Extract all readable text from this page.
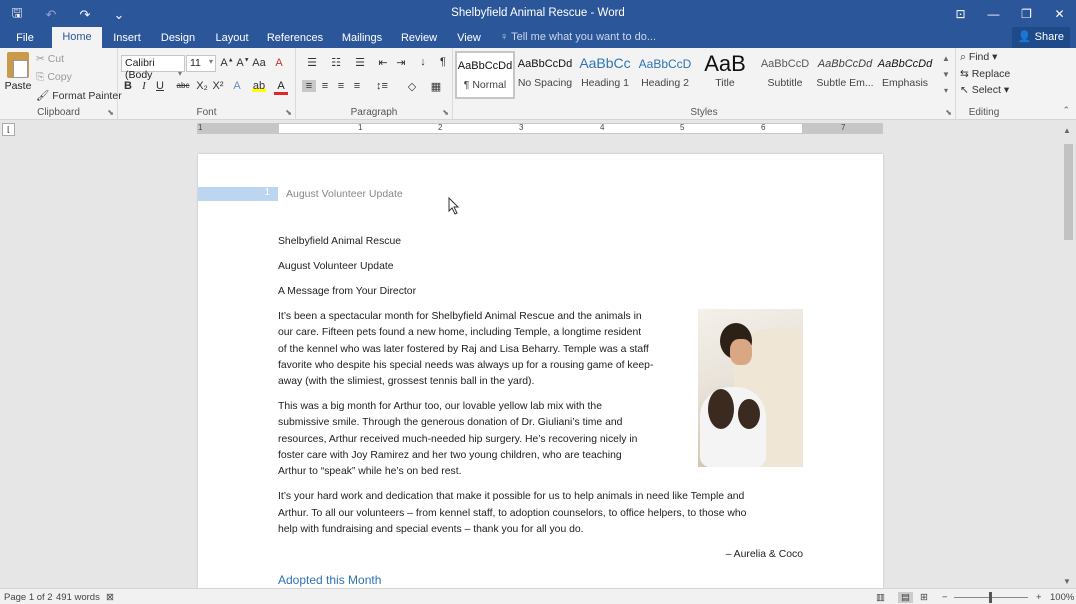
🖫 ↶ ↷ ⌄	Shelbyfield Animal Rescue - Word	⊡	—	❐	✕
File	Home	Insert	Design	Layout	References	Mailings	Review	View	♀ Tell me what you want to do...	👤 Share
Paste
✂ Cut
⎘ Copy
🖌 Format Painter
Clipboard	⬊
Calibri (Body	▾
11 ▾ A▲ A▼ Aa A
B I U	abc X₂ X² A	ab	A
Font	⬊
☰	☷	☰	⇤ ⇥	↓	¶
≡ ≡ ≡ ≡	↕≡	◇	▦
Paragraph	⬊	Styles	⬊
AaBbCcDd
¶ Normal
AaBbCcDd
No Spacing
AaBbCc
Heading 1
AaBbCcD
Heading 2
AaB
Title
AaBbCcD
Subtitle
AaBbCcDd
Subtle Em...
AaBbCcDd
Emphasis
▲
▼
▾
⌕ Find ▾
⇆ Replace
↖ Select ▾
Editing	⌃
⌊	1	1	2	3	4	5	6	7
1 August Volunteer Update

Shelbyfield Animal Rescue

August Volunteer Update

A Message from Your Director

It’s been a spectacular month for Shelbyfield Animal Rescue and the animals in

our care. Fifteen pets found a new home, including Temple, a longtime resident

of the kennel who was later fostered by Raj and Lisa Beharry. Temple was a staff

favorite who despite his special needs was always up for a rousing game of keep-

away (with the slimiest, grossest tennis ball in the yard).

This was a big month for Arthur too, our lovable yellow lab mix with the

submissive smile. Through the generous donation of Dr. Giuliani’s time and

resources, Arthur received much-needed hip surgery. He’s recovering nicely in

foster care with Joy Ramirez and her two young children, who are teaching

Arthur to “speak” while he’s on bed rest.

It’s your hard work and dedication that make it possible for us to help animals in need like Temple and

Arthur. To all our volunteers – from kennel staff, to adoption counselors, to office helpers, to those who

help with fundraising and special events – thank you for all you do.

– Aurelia & Coco

Adopted this Month
▲
▼
Page 1 of 2 491 words ⊠	▥	▤	⊞ −	+ 100%
